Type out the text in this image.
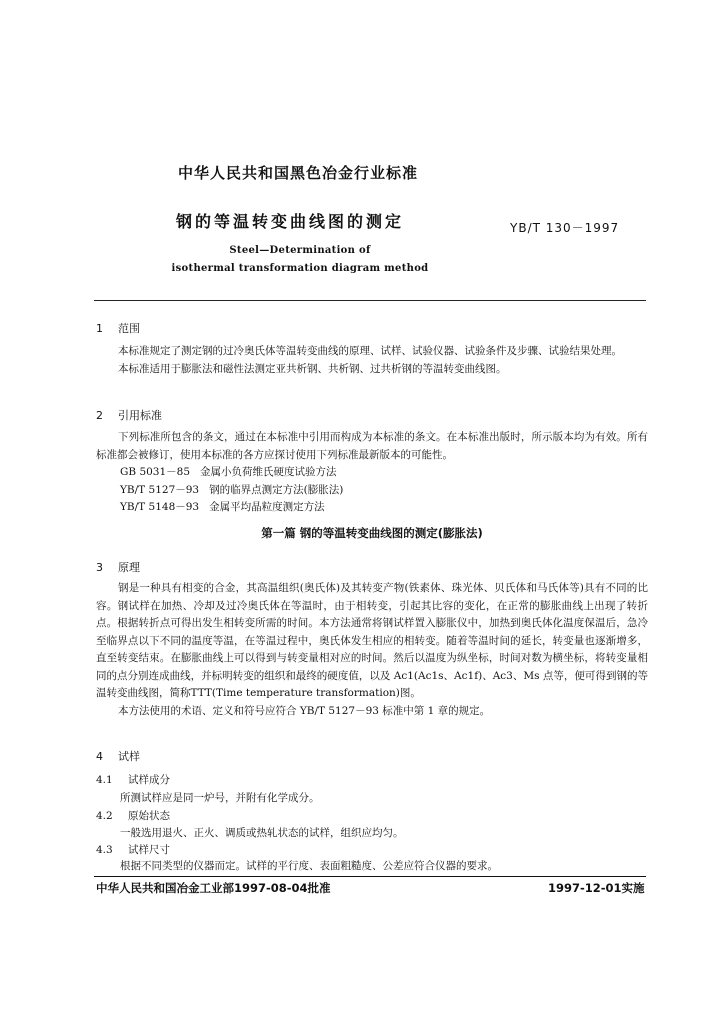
中华人民共和国黑色冶金行业标准
钢的等温转变曲线图的测定	YB/T 130－1997
Steel—Determination of
isothermal transformation diagram method
1 范围

本标准规定了测定钢的过冷奥氏体等温转变曲线的原理、试样、试验仪器、试验条件及步骤、试验结果处理。

本标准适用于膨胀法和磁性法测定亚共析钢、共析钢、过共析钢的等温转变曲线图。

2 引用标准

下列标准所包含的条文，通过在本标准中引用而构成为本标准的条文。在本标准出版时，所示版本均为有效。所有标准都会被修订，使用本标准的各方应探讨使用下列标准最新版本的可能性。

GB 5031－85   金属小负荷维氏硬度试验方法
YB/T 5127－93   钢的临界点测定方法(膨胀法)
YB/T 5148－93   金属平均晶粒度测定方法
第一篇 钢的等温转变曲线图的测定(膨胀法)
3 原理

钢是一种具有相变的合金，其高温组织(奥氏体)及其转变产物(铁素体、珠光体、贝氏体和马氏体等)具有不同的比容。钢试样在加热、冷却及过冷奥氏体在等温时，由于相转变，引起其比容的变化，在正常的膨胀曲线上出现了转折点。根据转折点可得出发生相转变所需的时间。本方法通常将钢试样置入膨胀仪中，加热到奥氏体化温度保温后，急冷至临界点以下不同的温度等温，在等温过程中，奥氏体发生相应的相转变。随着等温时间的延长，转变量也逐渐增多，直至转变结束。在膨胀曲线上可以得到与转变量相对应的时间。然后以温度为纵坐标，时间对数为横坐标，将转变量相同的点分别连成曲线，并标明转变的组织和最终的硬度值，以及 Ac1(Ac1s、Ac1f)、Ac3、Ms 点等，便可得到钢的等温转变曲线图，简称TTT(Time temperature transformation)图。

本方法使用的术语、定义和符号应符合 YB/T 5127－93 标准中第 1 章的规定。

4 试样
4.1 试样成分
所测试样应是同一炉号，并附有化学成分。
4.2 原始状态
一般选用退火、正火、调质或热轧状态的试样，组织应均匀。
4.3 试样尺寸
根据不同类型的仪器而定。试样的平行度、表面粗糙度、公差应符合仪器的要求。
中华人民共和国冶金工业部1997-08-04批准	1997-12-01实施
